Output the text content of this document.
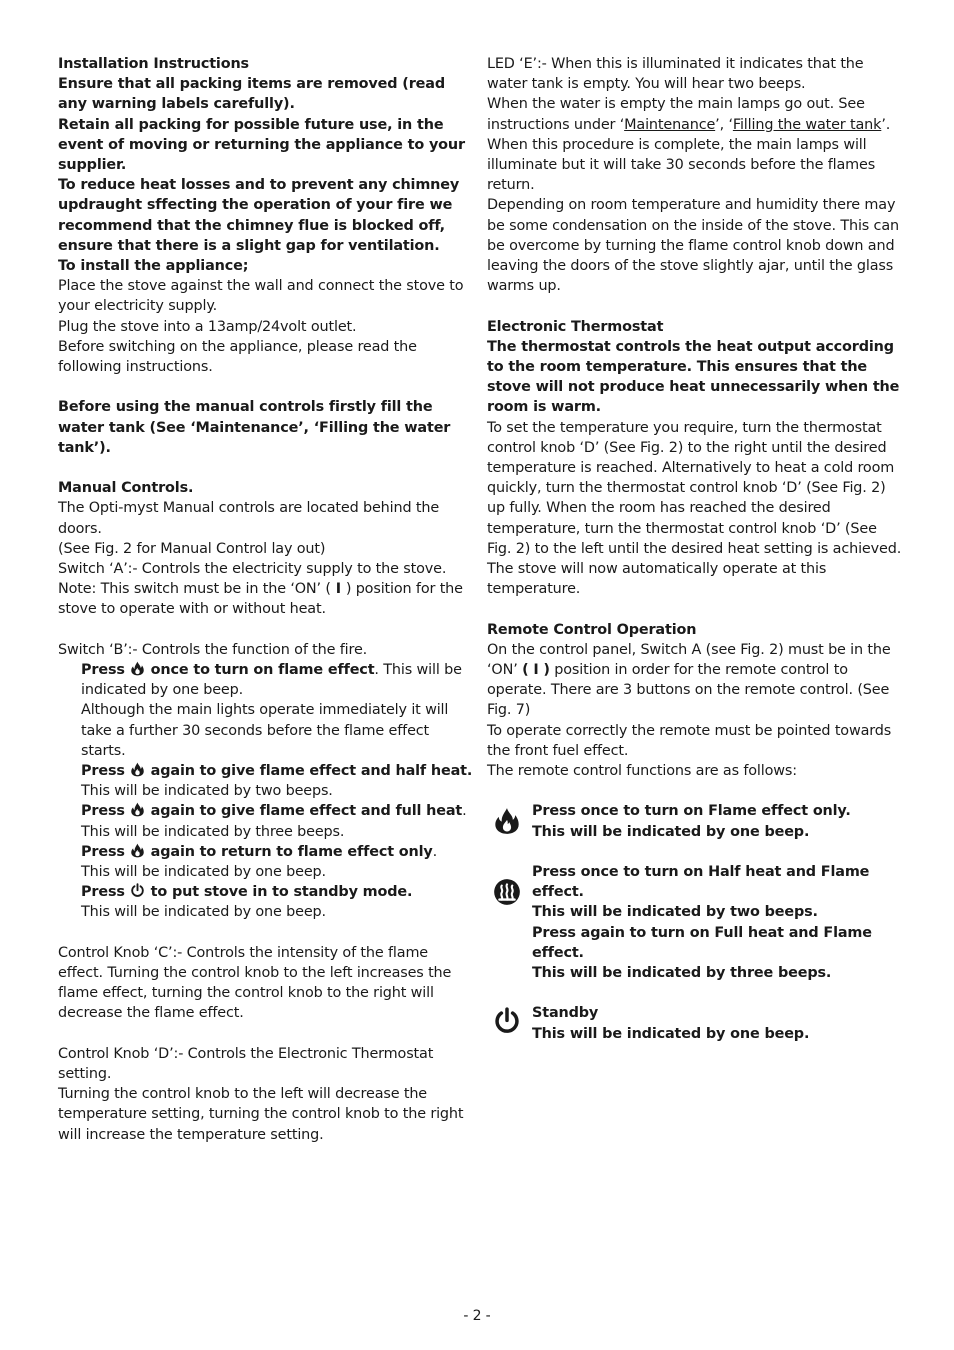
Installation Instructions

Ensure that all packing items are removed (read any warning labels carefully).

Retain all packing for possible future use, in the event of moving or returning the appliance to your supplier.

To reduce heat losses and to prevent any chimney updraught sffecting the operation of your fire we recommend that the chimney flue is blocked off, ensure that there is a slight gap for ventilation.

To install the appliance;

Place the stove against the wall and connect the stove to your electricity supply.

Plug the stove into a 13amp/24volt outlet.

Before switching on the appliance, please read the following instructions.

Before using the manual controls firstly fill the water tank (See ‘Maintenance’, ‘Filling the water tank’).

Manual Controls.

The Opti-myst Manual controls are located behind the doors.

(See Fig. 2 for Manual Control lay out)

Switch ‘A’:- Controls the electricity supply to the stove.

Note: This switch must be in the ‘ON’ ( I ) position for the stove to operate with or without heat.

Switch ‘B’:- Controls the function of the fire.

Press once to turn on flame effect. This will be indicated by one beep.

Although the main lights operate immediately it will take a further 30 seconds before the flame effect starts.

Press again to give flame effect and half heat.

This will be indicated by two beeps.

Press again to give flame effect and full heat. This will be indicated by three beeps.

Press again to return to flame effect only.

This will be indicated by one beep.

Press to put stove in to standby mode.

This will be indicated by one beep.

Control Knob ‘C’:- Controls the intensity of the flame effect. Turning the control knob to the left increases the flame effect, turning the control knob to the right will decrease the flame effect.

Control Knob ‘D’:- Controls the Electronic Thermostat setting.

Turning the control knob to the left will decrease the temperature setting, turning the control knob to the right will increase the temperature setting.

LED ‘E’:- When this is illuminated it indicates that the water tank is empty. You will hear two beeps.

When the water is empty the main lamps go out. See instructions under ‘Maintenance’, ‘Filling the water tank’.

When this procedure is complete, the main lamps will illuminate but it will take 30 seconds before the flames return.

Depending on room temperature and humidity there may be some condensation on the inside of the stove. This can be overcome by turning the flame control knob down and leaving the doors of the stove slightly ajar, until the glass warms up.

Electronic Thermostat

The thermostat controls the heat output according to the room temperature. This ensures that the stove will not produce heat unnecessarily when the room is warm.

To set the temperature you require, turn the thermostat control knob ‘D’ (See Fig. 2) to the right until the desired temperature is reached. Alternatively to heat a cold room quickly, turn the thermostat control knob ‘D’ (See Fig. 2) up fully. When the room has reached the desired temperature, turn the thermostat control knob ‘D’ (See Fig. 2) to the left until the desired heat setting is achieved. The stove will now automatically operate at this temperature.

Remote Control Operation

On the control panel, Switch A (see Fig. 2) must be in the ‘ON’ ( I ) position in order for the remote control to operate. There are 3 buttons on the remote control. (See Fig. 7)

To operate correctly the remote must be pointed towards the front fuel effect.

The remote control functions are as follows:

Press once to turn on Flame effect only.

This will be indicated by one beep.

Press once to turn on Half heat and Flame effect.

This will be indicated by two beeps.

Press again to turn on Full heat and Flame effect.

This will be indicated by three beeps.

Standby

This will be indicated by one beep.

- 2 -
